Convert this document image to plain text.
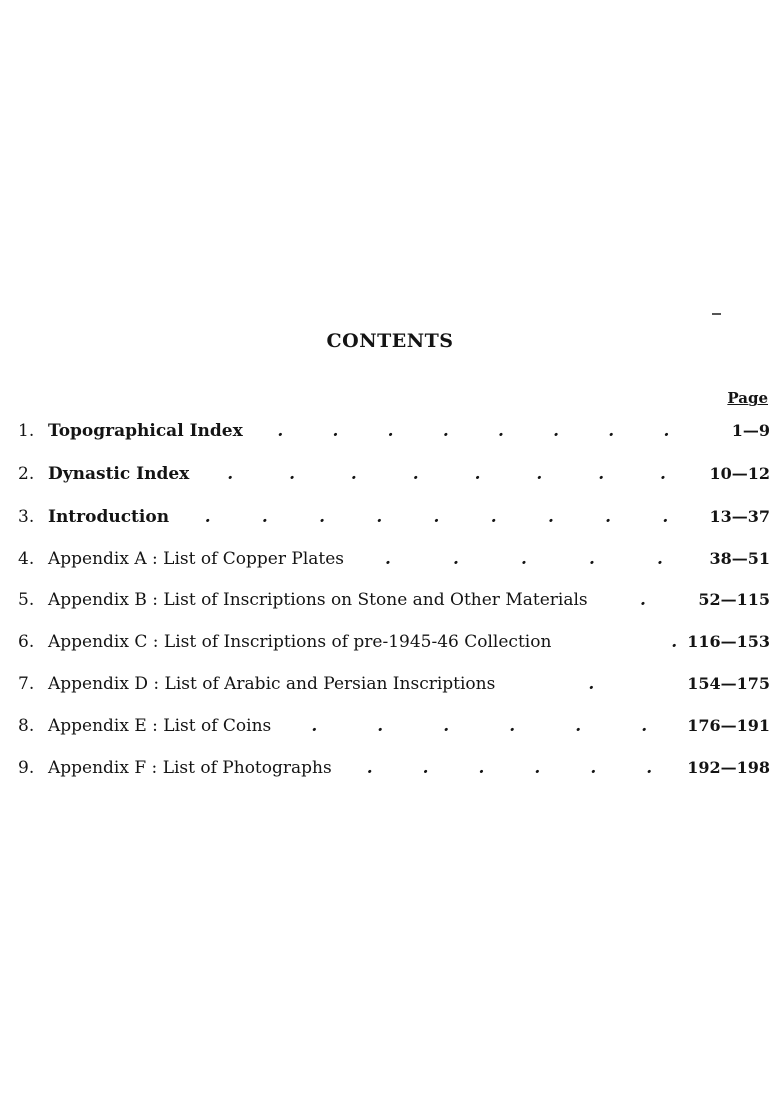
CONTENTS
Page
1. Topographical Index .	.	.	.	.	.	.	.	1—9
2. Dynastic Index .	.	.	.	.	.	.	.	10—12
3. Introduction .	.	.	.	.	.	.	.	.	13—37
4. Appendix A : List of Copper Plates .	.	.	.	.	38—51
5. Appendix B : List of Inscriptions on Stone and Other Materials	.	52—115
6. Appendix C : List of Inscriptions of pre-1945-46 Collection	. 116—153
7. Appendix D : List of Arabic and Persian Inscriptions	.	154—175
8. Appendix E : List of Coins .	.	.	.	.	.	176—191
9. Appendix F : List of Photographs .	.	.	.	.	. 192—198
